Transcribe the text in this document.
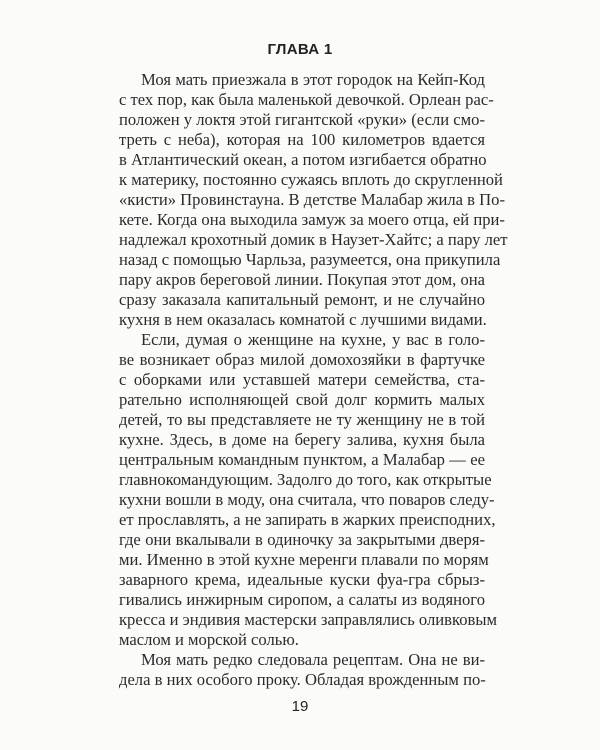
ГЛАВА 1
Моя мать приезжала в этот городок на Кейп-Код
с тех пор, как была маленькой девочкой. Орлеан рас-
положен у локтя этой гигантской «руки» (если смо-
треть с неба), которая на 100 километров вдается
в Атлантический океан, а потом изгибается обратно
к материку, постоянно сужаясь вплоть до скругленной
«кисти» Провинстауна. В детстве Малабар жила в По-
кете. Когда она выходила замуж за моего отца, ей при-
надлежал крохотный домик в Наузет-Хайтс; а пару лет
назад с помощью Чарльза, разумеется, она прикупила
пару акров береговой линии. Покупая этот дом, она
сразу заказала капитальный ремонт, и не случайно
кухня в нем оказалась комнатой с лучшими видами.
Если, думая о женщине на кухне, у вас в голо-
ве возникает образ милой домохозяйки в фартучке
с оборками или уставшей матери семейства, ста-
рательно исполняющей свой долг кормить малых
детей, то вы представляете не ту женщину не в той
кухне. Здесь, в доме на берегу залива, кухня была
центральным командным пунктом, а Малабар — ее
главнокомандующим. Задолго до того, как открытые
кухни вошли в моду, она считала, что поваров следу-
ет прославлять, а не запирать в жарких преисподних,
где они вкалывали в одиночку за закрытыми дверя-
ми. Именно в этой кухне меренги плавали по морям
заварного крема, идеальные куски фуа-гра сбрыз-
гивались инжирным сиропом, а салаты из водяного
кресса и эндивия мастерски заправлялись оливковым
маслом и морской солью.
Моя мать редко следовала рецептам. Она не ви-
дела в них особого проку. Обладая врожденным по-
19
